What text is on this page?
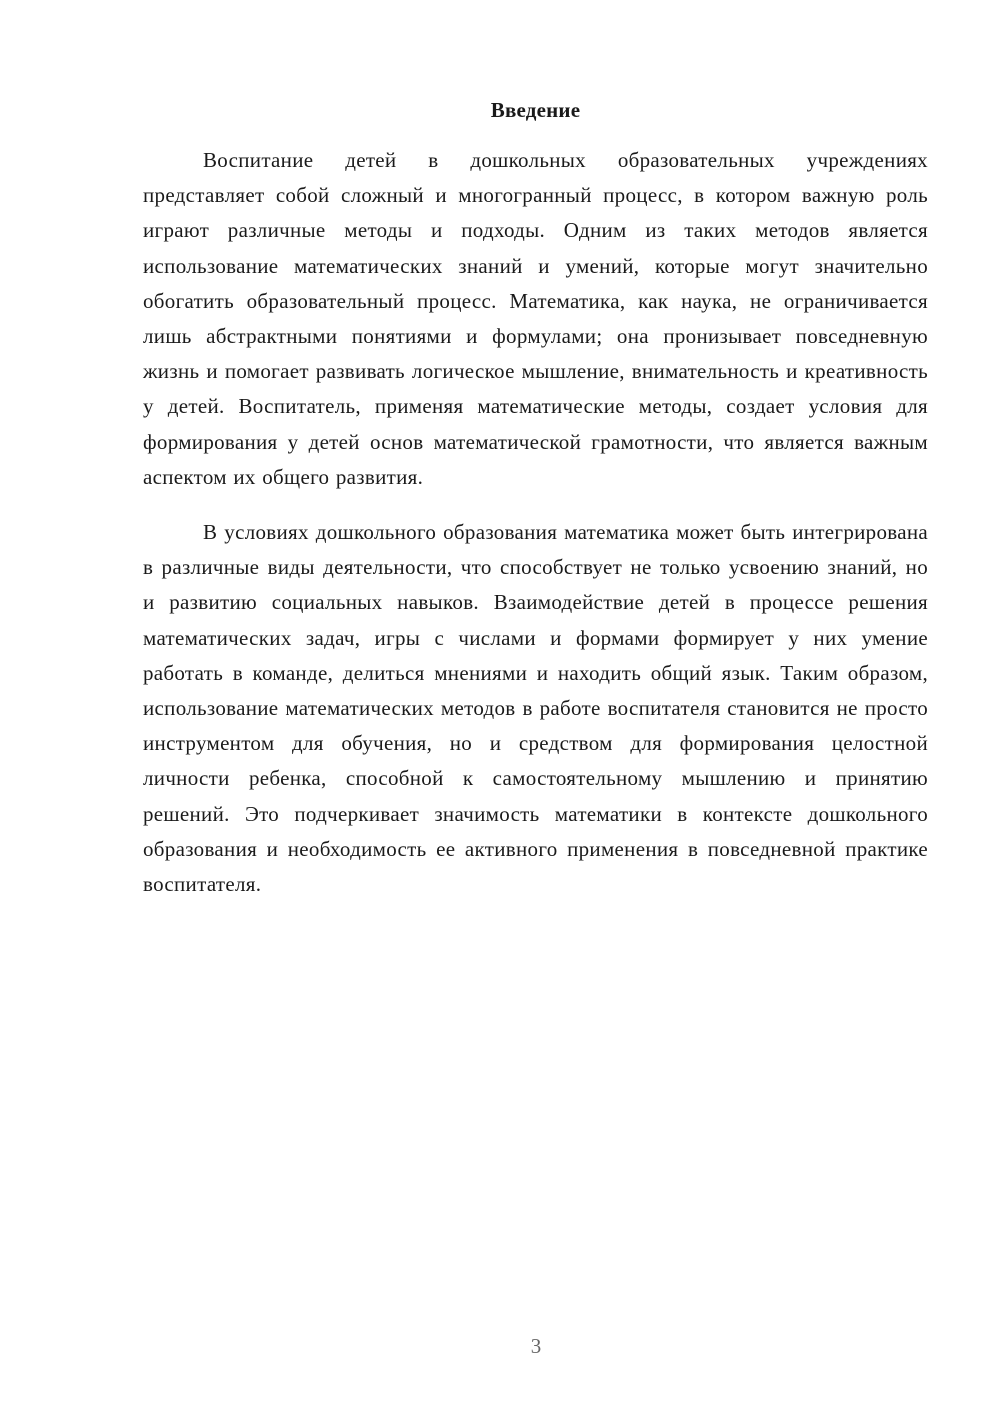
Введение

Воспитание детей в дошкольных образовательных учреждениях представляет собой сложный и многогранный процесс, в котором важную роль играют различные методы и подходы. Одним из таких методов является использование математических знаний и умений, которые могут значительно обогатить образовательный процесс. Математика, как наука, не ограничивается лишь абстрактными понятиями и формулами; она пронизывает повседневную жизнь и помогает развивать логическое мышление, внимательность и креативность у детей. Воспитатель, применяя математические методы, создает условия для формирования у детей основ математической грамотности, что является важным аспектом их общего развития.

В условиях дошкольного образования математика может быть интегрирована в различные виды деятельности, что способствует не только усвоению знаний, но и развитию социальных навыков. Взаимодействие детей в процессе решения математических задач, игры с числами и формами формирует у них умение работать в команде, делиться мнениями и находить общий язык. Таким образом, использование математических методов в работе воспитателя становится не просто инструментом для обучения, но и средством для формирования целостной личности ребенка, способной к самостоятельному мышлению и принятию решений. Это подчеркивает значимость математики в контексте дошкольного образования и необходимость ее активного применения в повседневной практике воспитателя.

3
